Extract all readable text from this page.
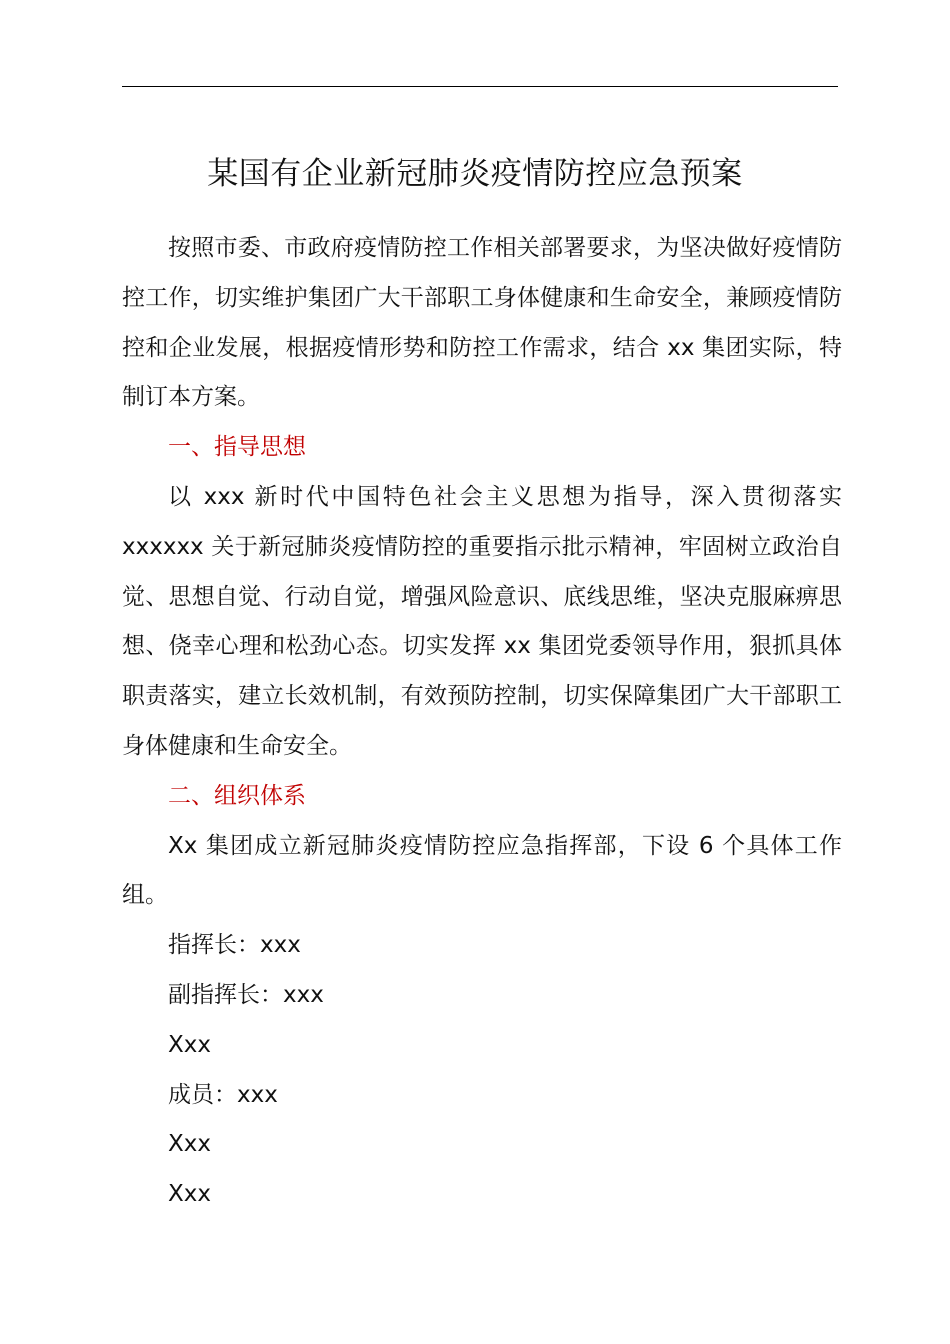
某国有企业新冠肺炎疫情防控应急预案

按照市委、市政府疫情防控工作相关部署要求，为坚决做好疫情防控工作，切实维护集团广大干部职工身体健康和生命安全，兼顾疫情防控和企业发展，根据疫情形势和防控工作需求，结合 xx 集团实际，特制订本方案。

一、指导思想

以 xxx 新时代中国特色社会主义思想为指导，深入贯彻落实 xxxxxx 关于新冠肺炎疫情防控的重要指示批示精神，牢固树立政治自觉、思想自觉、行动自觉，增强风险意识、底线思维，坚决克服麻痹思想、侥幸心理和松劲心态。切实发挥 xx 集团党委领导作用，狠抓具体职责落实，建立长效机制，有效预防控制，切实保障集团广大干部职工身体健康和生命安全。

二、组织体系

Xx 集团成立新冠肺炎疫情防控应急指挥部，下设 6 个具体工作组。

指挥长：xxx

副指挥长：xxx

Xxx

成员：xxx

Xxx

Xxx
